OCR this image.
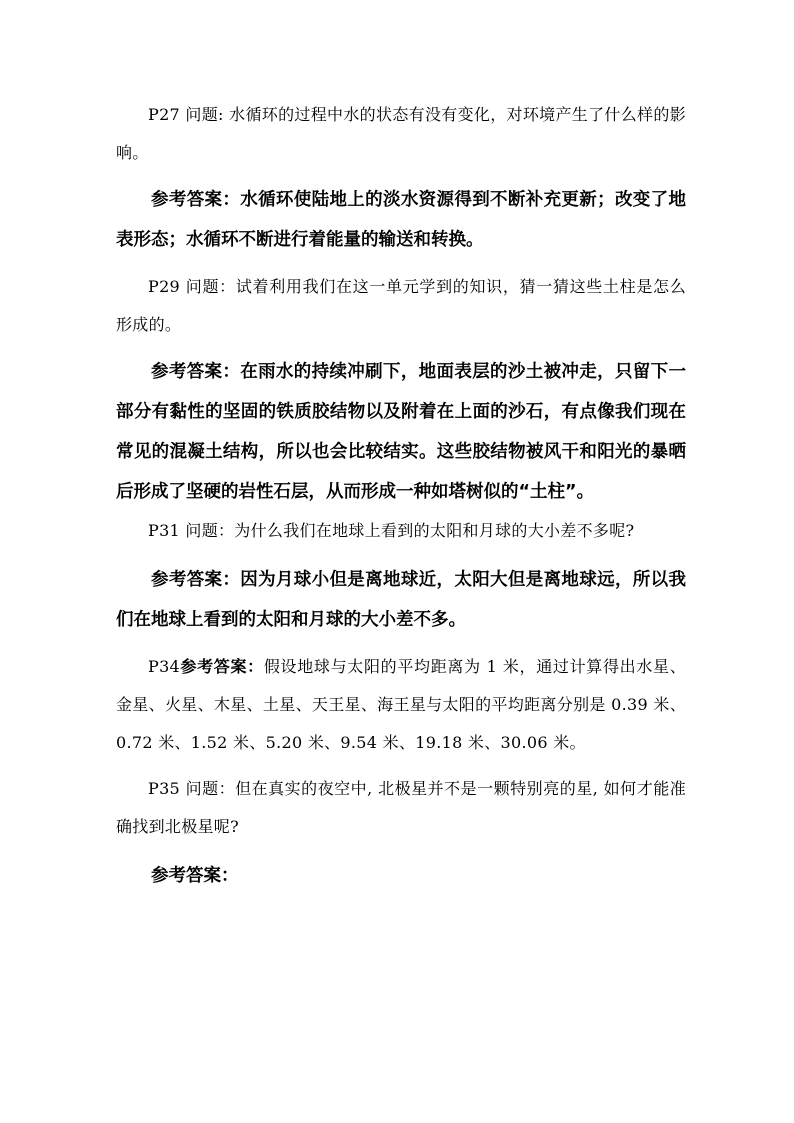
P27 问题: 水循环的过程中水的状态有没有变化，对环境产生了什么样的影响。

参考答案：水循环使陆地上的淡水资源得到不断补充更新；改变了地表形态；水循环不断进行着能量的输送和转换。

P29 问题：试着利用我们在这一单元学到的知识，猜一猜这些土柱是怎么形成的。

参考答案：在雨水的持续冲刷下，地面表层的沙土被冲走，只留下一部分有黏性的坚固的铁质胶结物以及附着在上面的沙石，有点像我们现在常见的混凝土结构，所以也会比较结实。这些胶结物被风干和阳光的暴晒后形成了坚硬的岩性石层，从而形成一种如塔树似的“土柱”。

P31 问题：为什么我们在地球上看到的太阳和月球的大小差不多呢?

参考答案：因为月球小但是离地球近，太阳大但是离地球远，所以我们在地球上看到的太阳和月球的大小差不多。

P34参考答案：假设地球与太阳的平均距离为 1 米，通过计算得出水星、金星、火星、木星、土星、天王星、海王星与太阳的平均距离分别是 0.39 米、0.72 米、1.52 米、5.20 米、9.54 米、19.18 米、30.06 米。

P35 问题：但在真实的夜空中, 北极星并不是一颗特别亮的星, 如何才能准确找到北极星呢?

参考答案：
